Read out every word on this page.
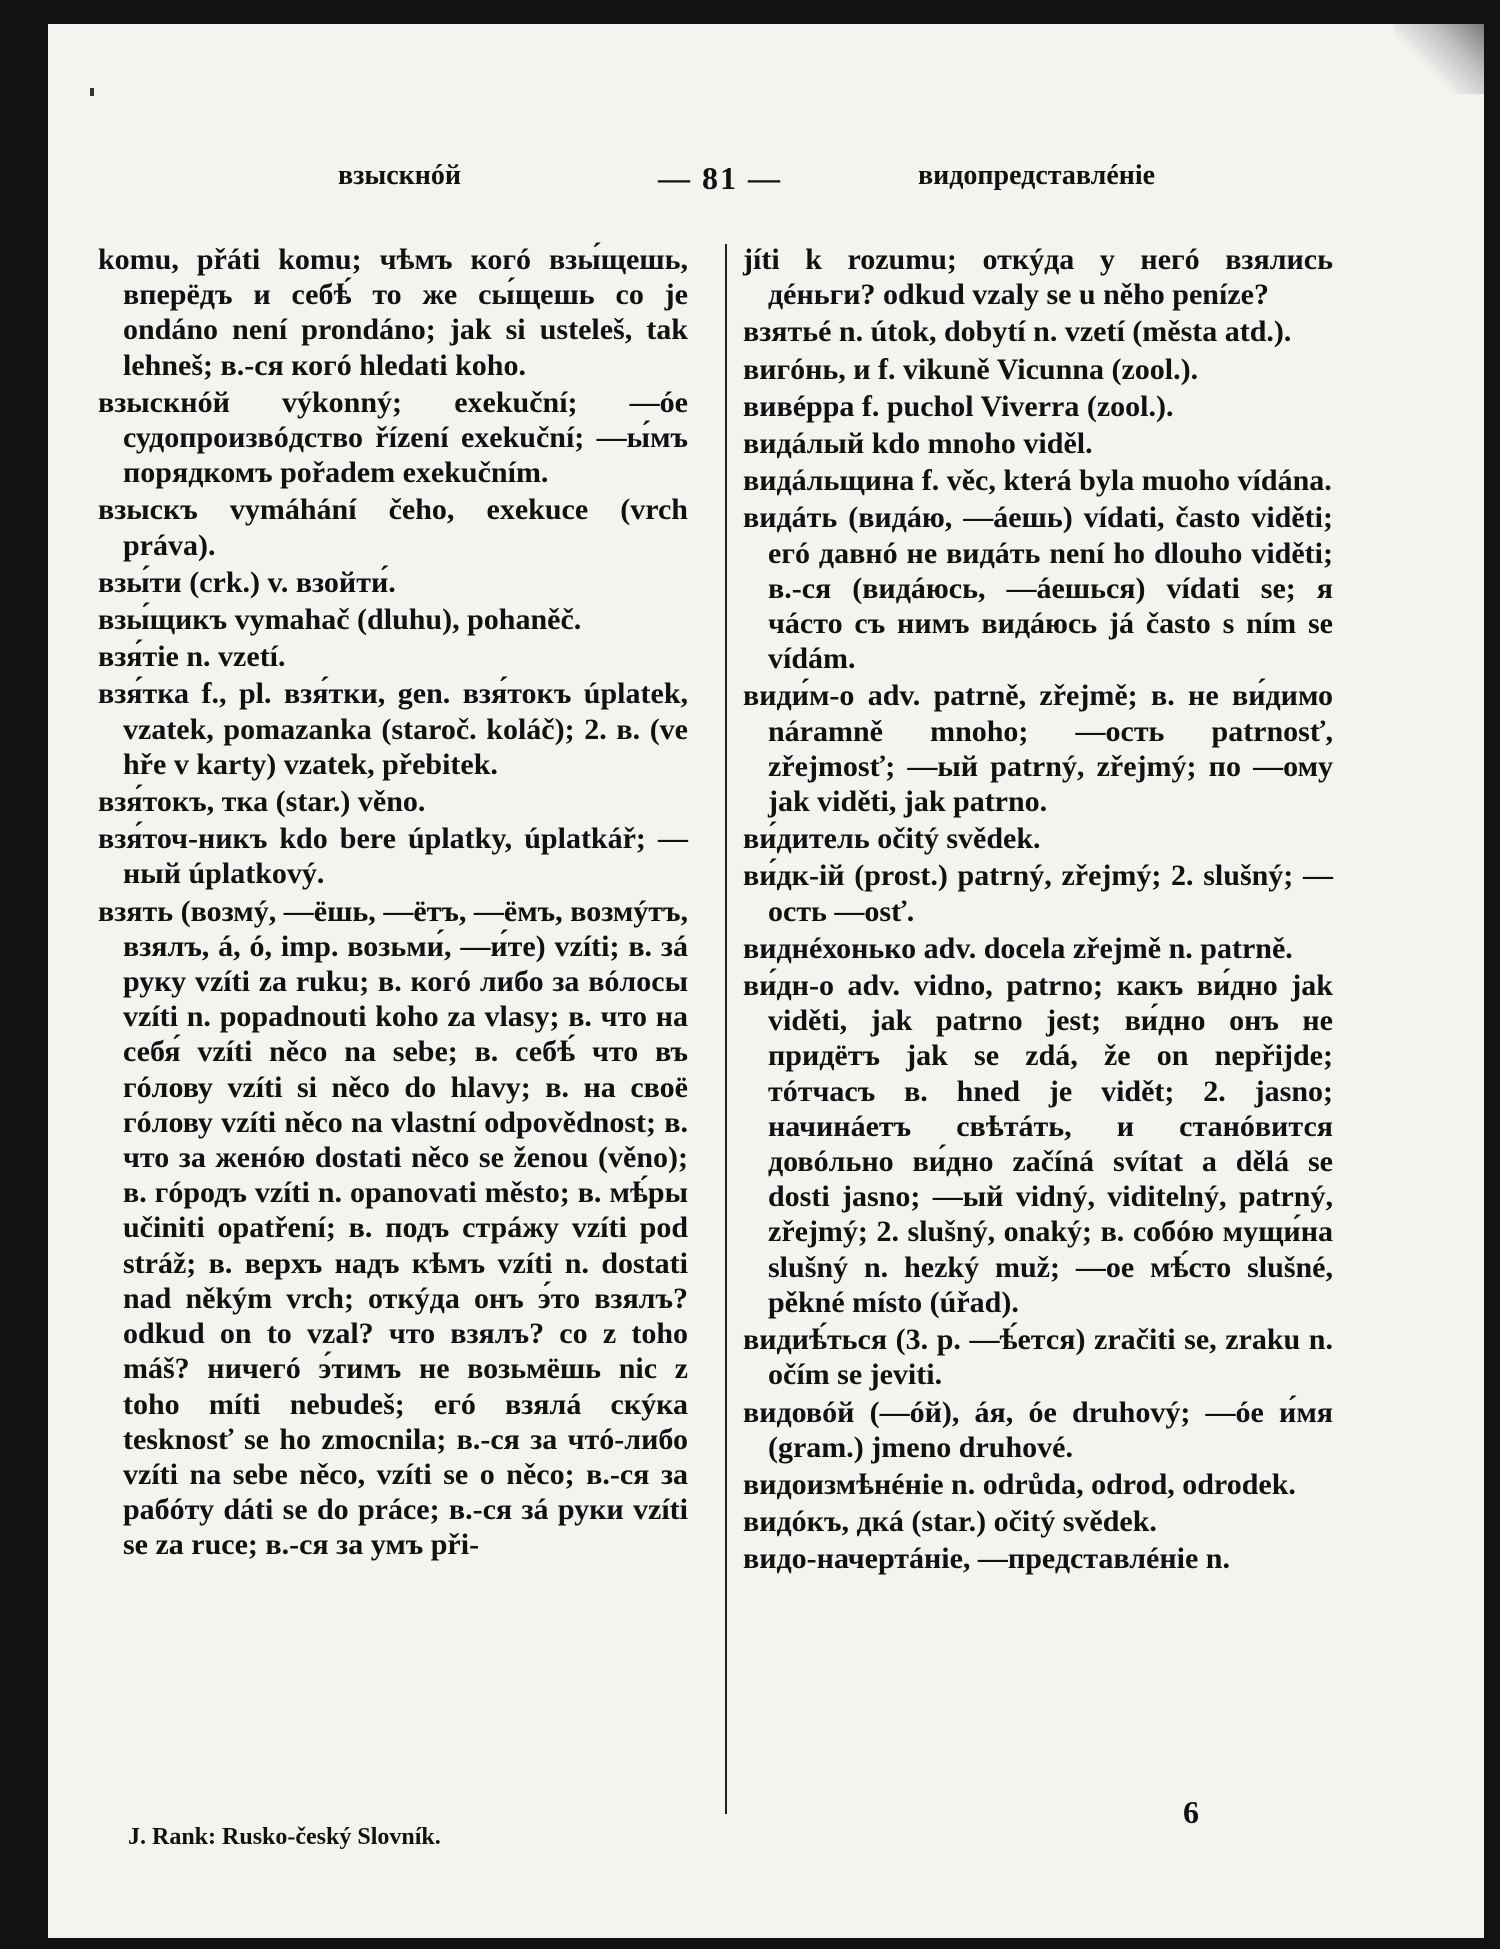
взыскнóй	— 81 —	видопредставлéніе

komu, přáti komu; чѣмъ когó взы́щешь, вперёдъ и себѣ́ то же сы́щешь co je ondáno není prondáno; jak si usteleš, tak lehneš; в.-ся когó hledati koho.

взыскнóй výkonný; exekuční; —óе судопроизвóдство řízení exekuční; —ы́мъ порядкомъ pořadem exekučním.

взыскъ vymáhání čeho, exekuce (vrch práva).

взы́ти (crk.) v. взойти́.

взы́щикъ vymahač (dluhu), pohaněč.

взя́тіе n. vzetí.

взя́тка f., pl. взя́тки, gen. взя́токъ úplatek, vzatek, pomazanka (staroč. koláč); 2. в. (ve hře v karty) vzatek, přebitek.

взя́токъ, тка (star.) věno.

взя́точ-никъ kdo bere úplatky, úplatkář; —ный úplatkový.

взять (возмý, —ёшь, —ётъ, —ёмъ, возмýтъ, взялъ, á, ó, imp. возьми́, —и́те) vzíti; в. зá руку vzíti za ruku; в. когó либо за вóлосы vzíti n. popadnouti koho za vlasy; в. что на себя́ vzíti něco na sebe; в. себѣ́ что въ гóлову vzíti si něco do hlavy; в. на своё гóлову vzíti něco na vlastní odpovědnost; в. что за женóю dostati něco se ženou (věno); в. гóродъ vzíti n. opanovati město; в. мѣ́ры učiniti opatření; в. подъ стрáжу vzíti pod stráž; в. верхъ надъ кѣмъ vzíti n. dostati nad někým vrch; откýда онъ э́то взялъ? odkud on to vzal? что взялъ? co z toho máš? ничегó э́тимъ не возьмёшь nic z toho míti nebudeš; егó взялá скýка tesknosť se ho zmocnila; в.-ся за чтó-либо vzíti na sebe něco, vzíti se o něco; в.-ся за рабóту dáti se do práce; в.-ся зá руки vzíti se za ruce; в.-ся за умъ při-

jíti k rozumu; откýда у негó взялись дéньги? odkud vzaly se u něho peníze?

взятьé n. útok, dobytí n. vzetí (města atd.).

вигóнь, и f. vikuně Vicunna (zool.).

вивéрра f. puchol Viverra (zool.).

видáлый kdo mnoho viděl.

видáльщина f. věc, která byla muoho vídána.

видáть (видáю, —áешь) vídati, často viděti; егó давнó не видáть není ho dlouho viděti; в.-ся (видáюсь, —áешься) vídati se; я чáсто съ нимъ видáюсь já často s ním se vídám.

види́м-о adv. patrně, zřejmě; в. не ви́димо náramně mnoho; —ость patrnosť, zřejmosť; —ый patrný, zřejmý; по —ому jak viděti, jak patrno.

ви́дитель očitý svědek.

ви́дк-ій (prost.) patrný, zřejmý; 2. slušný; —ость —osť.

виднéхонько adv. docela zřejmě n. patrně.

ви́дн-о adv. vidno, patrno; какъ ви́дно jak viděti, jak patrno jest; ви́дно онъ не придётъ jak se zdá, že on nepřijde; тóтчасъ в. hned je vidět; 2. jasno; начинáетъ свѣтáть, и станóвится довóльно ви́дно začíná svítat a dělá se dosti jasno; —ый vidný, viditelný, patrný, zřejmý; 2. slušný, onaký; в. собóю мущи́на slušný n. hezký muž; —ое мѣ́сто slušné, pěkné místo (úřad).

видиѣ́ться (3. p. —ѣ́ется) zračiti se, zraku n. očím se jeviti.

видовóй (—óй), áя, óе druhový; —óе и́мя (gram.) jmeno druhové.

видоизмѣнéніе n. odrůda, odrod, odrodek.

видóкъ, дкá (star.) očitý svědek.

видо-начертáніе, —представлéніе n.

J. Rank: Rusko-český Slovník.
6
